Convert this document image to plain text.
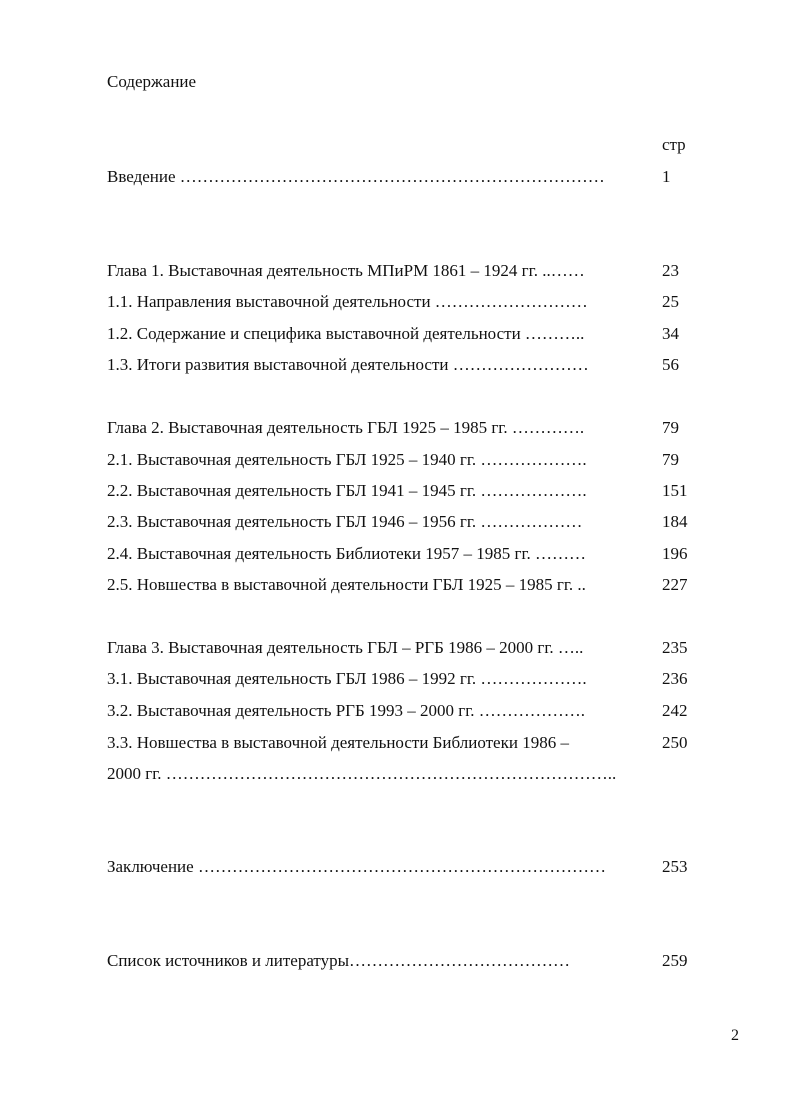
Содержание
стр
Введение …………………………………………………………………	1
Глава 1. Выставочная деятельность МПиРМ 1861 – 1924 гг. ..……	23
1.1. Направления выставочной деятельности ………………………	25
1.2. Содержание и специфика выставочной деятельности ………..	34
1.3. Итоги развития выставочной деятельности ……………………	56
Глава 2. Выставочная деятельность ГБЛ 1925 – 1985 гг. ………….	79
2.1. Выставочная деятельность ГБЛ 1925 – 1940 гг. ……………….	79
2.2. Выставочная деятельность ГБЛ 1941 – 1945 гг. ……………….	151
2.3. Выставочная деятельность ГБЛ 1946 – 1956 гг. ………………	184
2.4. Выставочная деятельность Библиотеки 1957 – 1985 гг. ………	196
2.5. Новшества в выставочной деятельности ГБЛ 1925 – 1985 гг. ..	227
Глава 3. Выставочная деятельность ГБЛ – РГБ 1986 – 2000 гг. …..	235
3.1. Выставочная деятельность ГБЛ 1986 – 1992 гг. ……………….	236
3.2. Выставочная деятельность РГБ 1993 – 2000 гг. ……………….	242
3.3. Новшества в выставочной деятельности Библиотеки 1986 –	250
2000 гг. ……………………………………………………………………..
Заключение ………………………………………………………………	253
Список источников и литературы…………………………………	259
2
